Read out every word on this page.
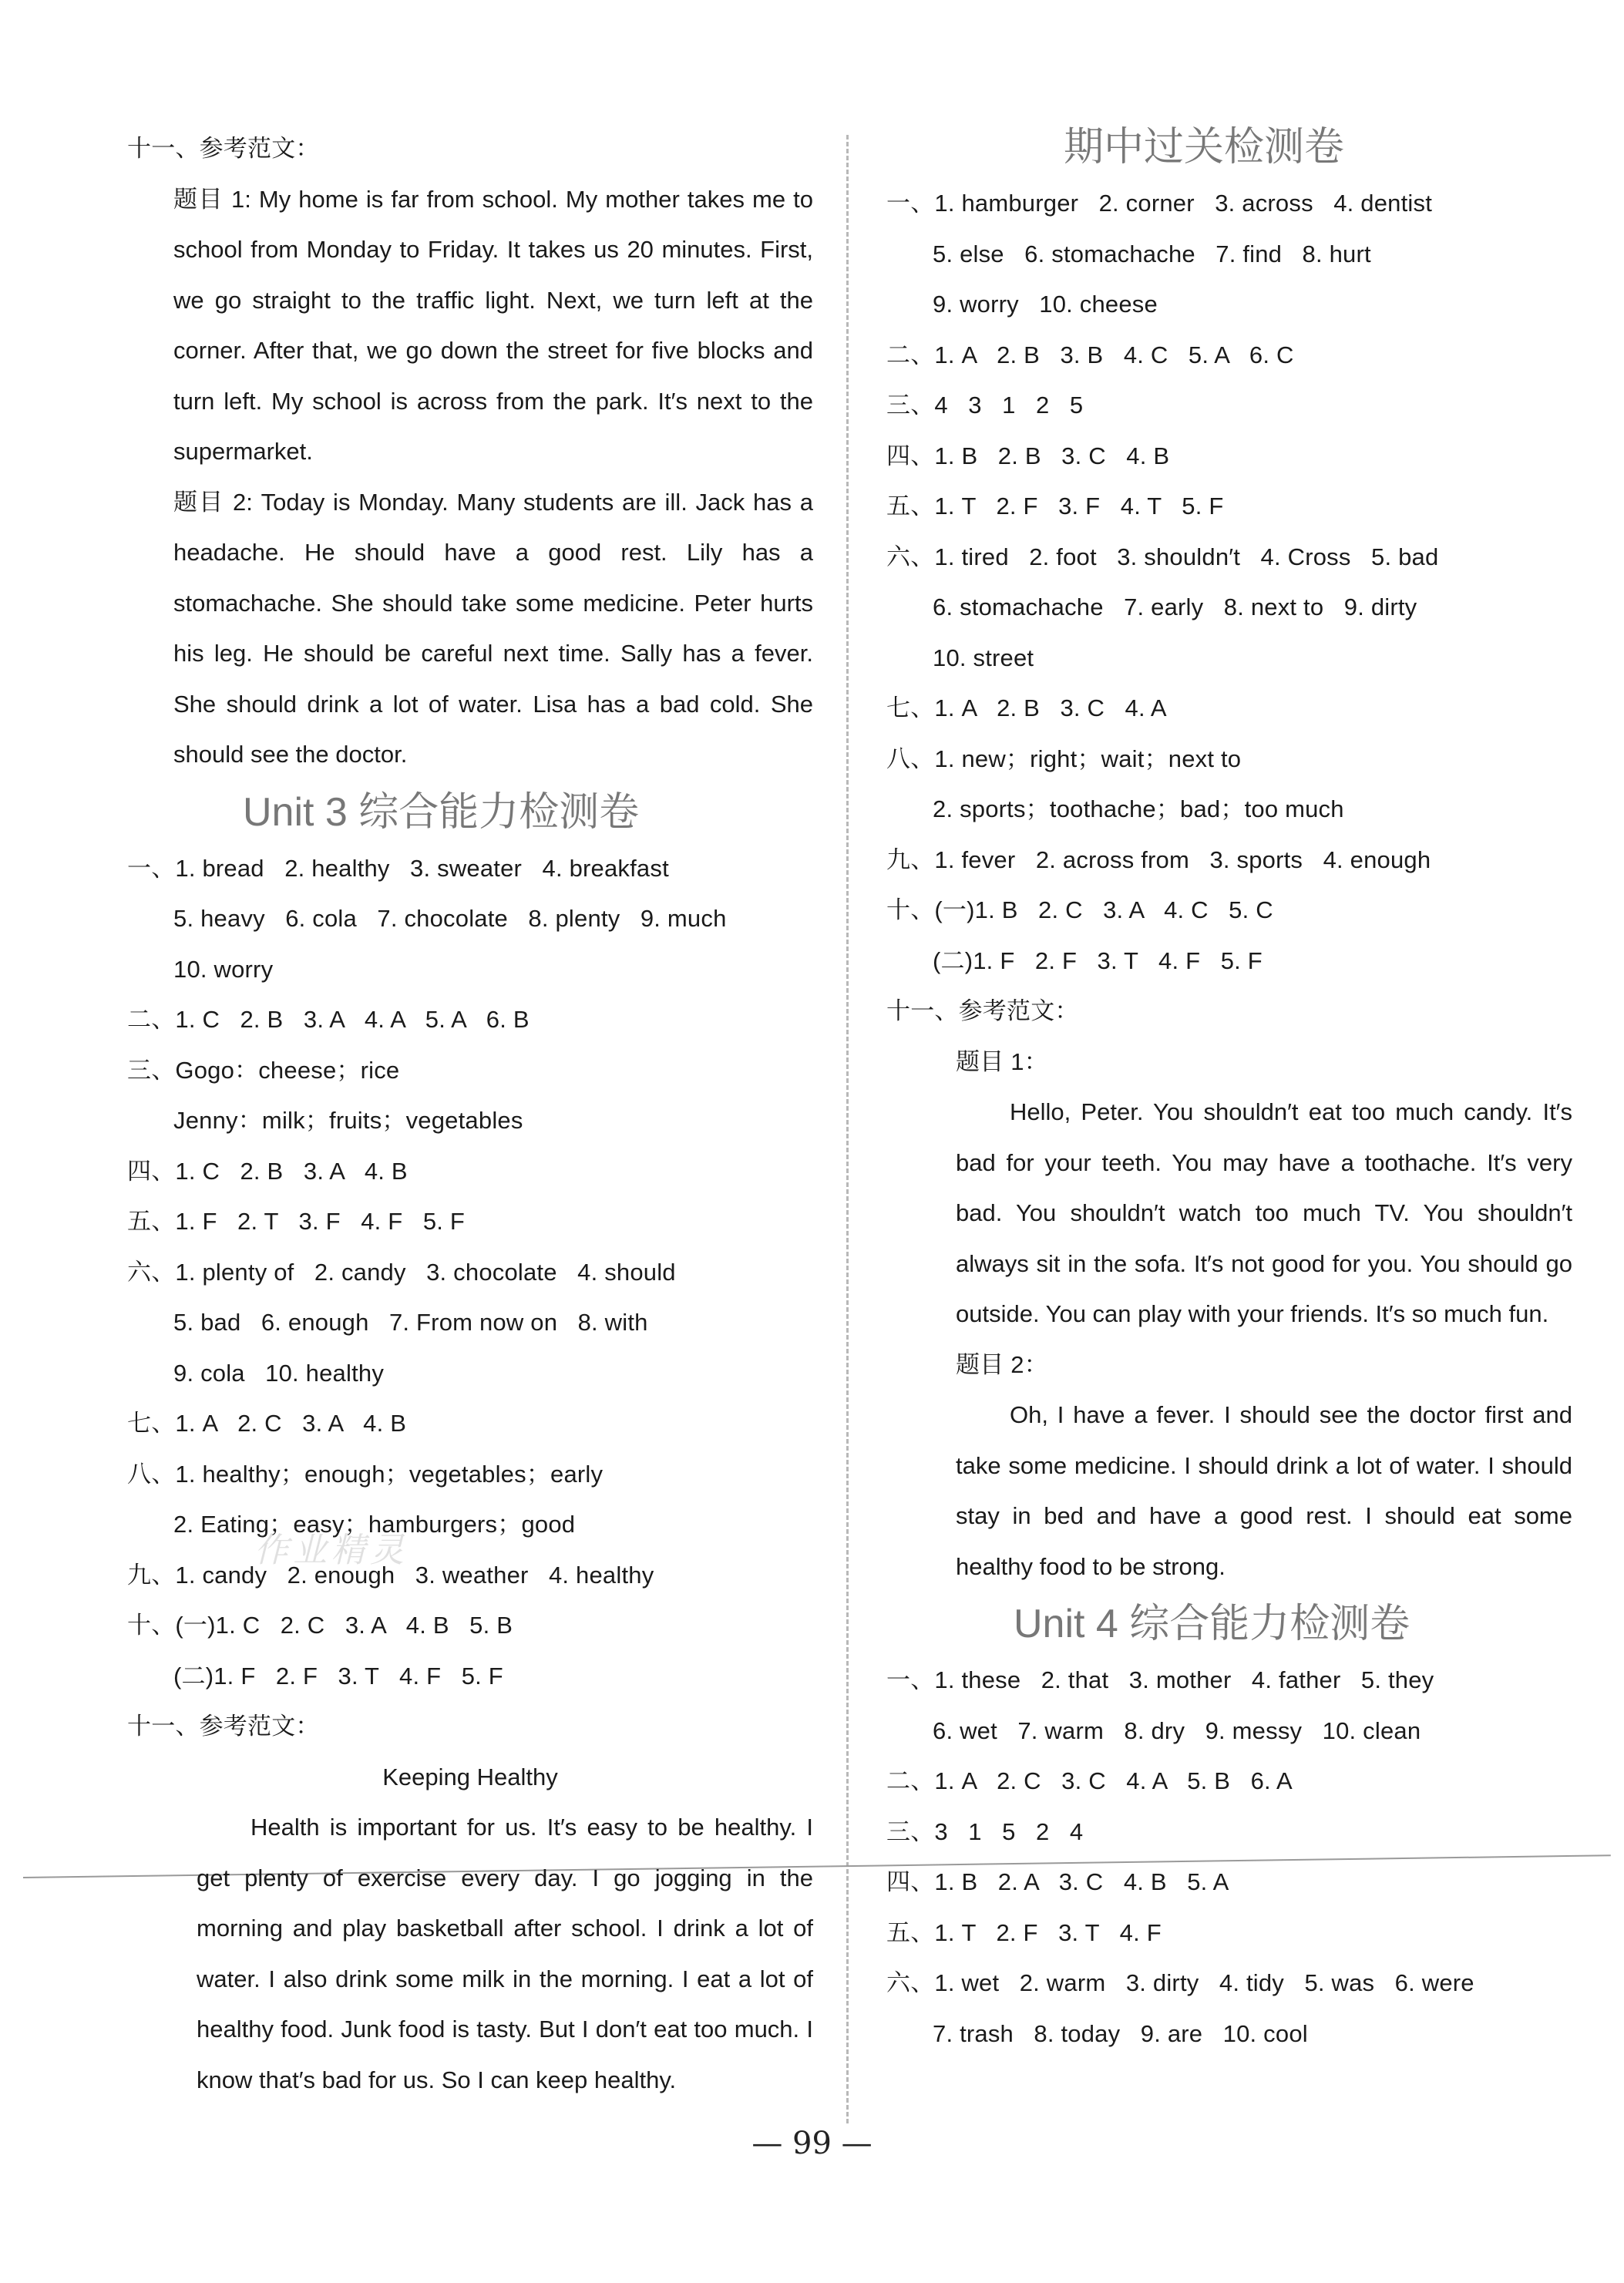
作业精灵

十一、参考范文：

题目 1: My home is far from school. My mother takes me to school from Monday to Friday. It takes us 20 minutes. First, we go straight to the traffic light. Next, we turn left at the corner. After that, we go down the street for five blocks and turn left. My school is across from the park. It′s next to the supermarket.

题目 2: Today is Monday. Many students are ill. Jack has a headache. He should have a good rest. Lily has a stomachache. She should take some medicine. Peter hurts his leg. He should be careful next time. Sally has a fever. She should drink a lot of water. Lisa has a bad cold. She should see the doctor.

Unit 3 综合能力检测卷

一、1. bread   2. healthy   3. sweater   4. breakfast

5. heavy   6. cola   7. chocolate   8. plenty   9. much

10. worry

二、1. C   2. B   3. A   4. A   5. A   6. B

三、Gogo：cheese；rice

Jenny：milk；fruits；vegetables

四、1. C   2. B   3. A   4. B

五、1. F   2. T   3. F   4. F   5. F

六、1. plenty of   2. candy   3. chocolate   4. should

5. bad   6. enough   7. From now on   8. with

9. cola   10. healthy

七、1. A   2. C   3. A   4. B

八、1. healthy；enough；vegetables；early

2. Eating；easy；hamburgers；good

九、1. candy   2. enough   3. weather   4. healthy

十、(一)1. C   2. C   3. A   4. B   5. B

(二)1. F   2. F   3. T   4. F   5. F

十一、参考范文：

Keeping Healthy

Health is important for us. It′s easy to be healthy. I get plenty of exercise every day. I go jogging in the morning and play basketball after school. I drink a lot of water. I also drink some milk in the morning. I eat a lot of healthy food. Junk food is tasty. But I don′t eat too much. I know that′s bad for us. So I can keep healthy.

期中过关检测卷

一、1. hamburger   2. corner   3. across   4. dentist

5. else   6. stomachache   7. find   8. hurt

9. worry   10. cheese

二、1. A   2. B   3. B   4. C   5. A   6. C

三、4   3   1   2   5

四、1. B   2. B   3. C   4. B

五、1. T   2. F   3. F   4. T   5. F

六、1. tired   2. foot   3. shouldn′t   4. Cross   5. bad

6. stomachache   7. early   8. next to   9. dirty

10. street

七、1. A   2. B   3. C   4. A

八、1. new；right；wait；next to

2. sports；toothache；bad；too much

九、1. fever   2. across from   3. sports   4. enough

十、(一)1. B   2. C   3. A   4. C   5. C

(二)1. F   2. F   3. T   4. F   5. F

十一、参考范文：

题目 1：

Hello, Peter. You shouldn′t eat too much candy. It′s bad for your teeth. You may have a toothache. It′s very bad. You shouldn′t watch too much TV. You shouldn′t always sit in the sofa. It′s not good for you. You should go outside. You can play with your friends. It′s so much fun.

题目 2：

Oh, I have a fever. I should see the doctor first and take some medicine. I should drink a lot of water. I should stay in bed and have a good rest. I should eat some healthy food to be strong.

Unit 4 综合能力检测卷

一、1. these   2. that   3. mother   4. father   5. they

6. wet   7. warm   8. dry   9. messy   10. clean

二、1. A   2. C   3. C   4. A   5. B   6. A

三、3   1   5   2   4

四、1. B   2. A   3. C   4. B   5. A

五、1. T   2. F   3. T   4. F

六、1. wet   2. warm   3. dirty   4. tidy   5. was   6. were

7. trash   8. today   9. are   10. cool

— 99 —
